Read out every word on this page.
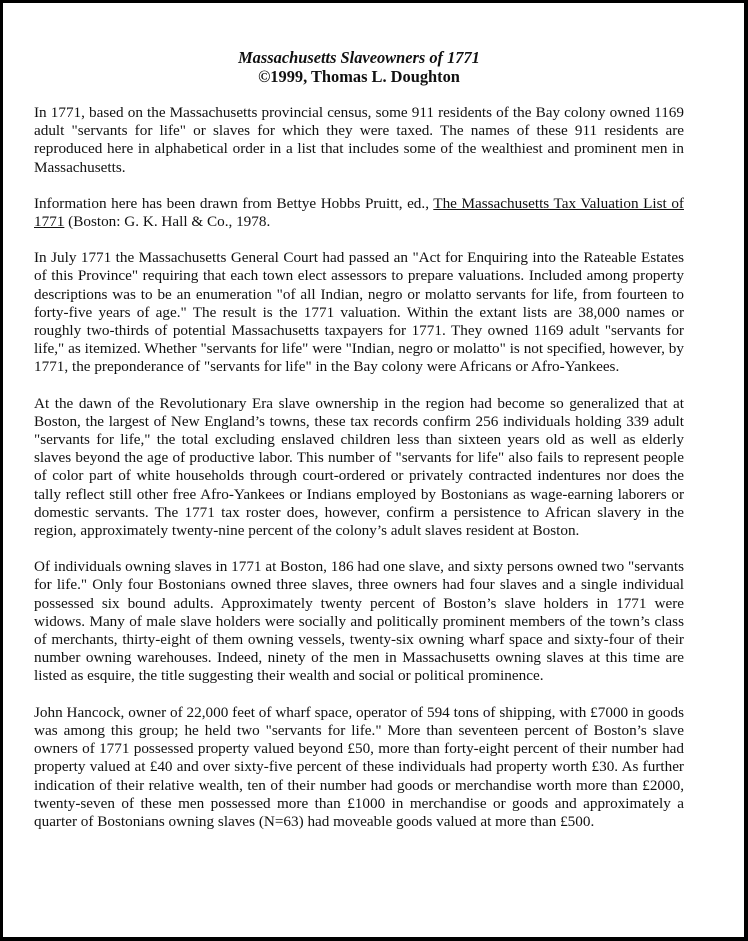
Massachusetts Slaveowners of 1771
©1999, Thomas L. Doughton

In 1771, based on the Massachusetts provincial census, some 911 residents of the Bay colony owned 1169 adult "servants for life" or slaves for which they were taxed. The names of these 911 residents are reproduced here in alphabetical order in a list that includes some of the wealthiest and prominent men in Massachusetts.

Information here has been drawn from Bettye Hobbs Pruitt, ed., The Massachusetts Tax Valuation List of 1771 (Boston: G. K. Hall & Co., 1978.

In July 1771 the Massachusetts General Court had passed an "Act for Enquiring into the Rateable Estates of this Province" requiring that each town elect assessors to prepare valuations. Included among property descriptions was to be an enumeration "of all Indian, negro or molatto servants for life, from fourteen to forty-five years of age." The result is the 1771 valuation. Within the extant lists are 38,000 names or roughly two-thirds of potential Massachusetts taxpayers for 1771. They owned 1169 adult "servants for life," as itemized. Whether "servants for life" were "Indian, negro or molatto" is not specified, however, by 1771, the preponderance of "servants for life" in the Bay colony were Africans or Afro-Yankees.

At the dawn of the Revolutionary Era slave ownership in the region had become so generalized that at Boston, the largest of New England’s towns, these tax records confirm 256 individuals holding 339 adult "servants for life," the total excluding enslaved children less than sixteen years old as well as elderly slaves beyond the age of productive labor. This number of "servants for life" also fails to represent people of color part of white households through court-ordered or privately contracted indentures nor does the tally reflect still other free Afro-Yankees or Indians employed by Bostonians as wage-earning laborers or domestic servants. The 1771 tax roster does, however, confirm a persistence to African slavery in the region, approximately twenty-nine percent of the colony’s adult slaves resident at Boston.

Of individuals owning slaves in 1771 at Boston, 186 had one slave, and sixty persons owned two "servants for life." Only four Bostonians owned three slaves, three owners had four slaves and a single individual possessed six bound adults. Approximately twenty percent of Boston’s slave holders in 1771 were widows. Many of male slave holders were socially and politically prominent members of the town’s class of merchants, thirty-eight of them owning vessels, twenty-six owning wharf space and sixty-four of their number owning warehouses. Indeed, ninety of the men in Massachusetts owning slaves at this time are listed as esquire, the title suggesting their wealth and social or political prominence.

John Hancock, owner of 22,000 feet of wharf space, operator of 594 tons of shipping, with £7000 in goods was among this group; he held two "servants for life." More than seventeen percent of Boston’s slave owners of 1771 possessed property valued beyond £50, more than forty-eight percent of their number had property valued at £40 and over sixty-five percent of these individuals had property worth £30. As further indication of their relative wealth, ten of their number had goods or merchandise worth more than £2000, twenty-seven of these men possessed more than £1000 in merchandise or goods and approximately a quarter of Bostonians owning slaves (N=63) had moveable goods valued at more than £500.
